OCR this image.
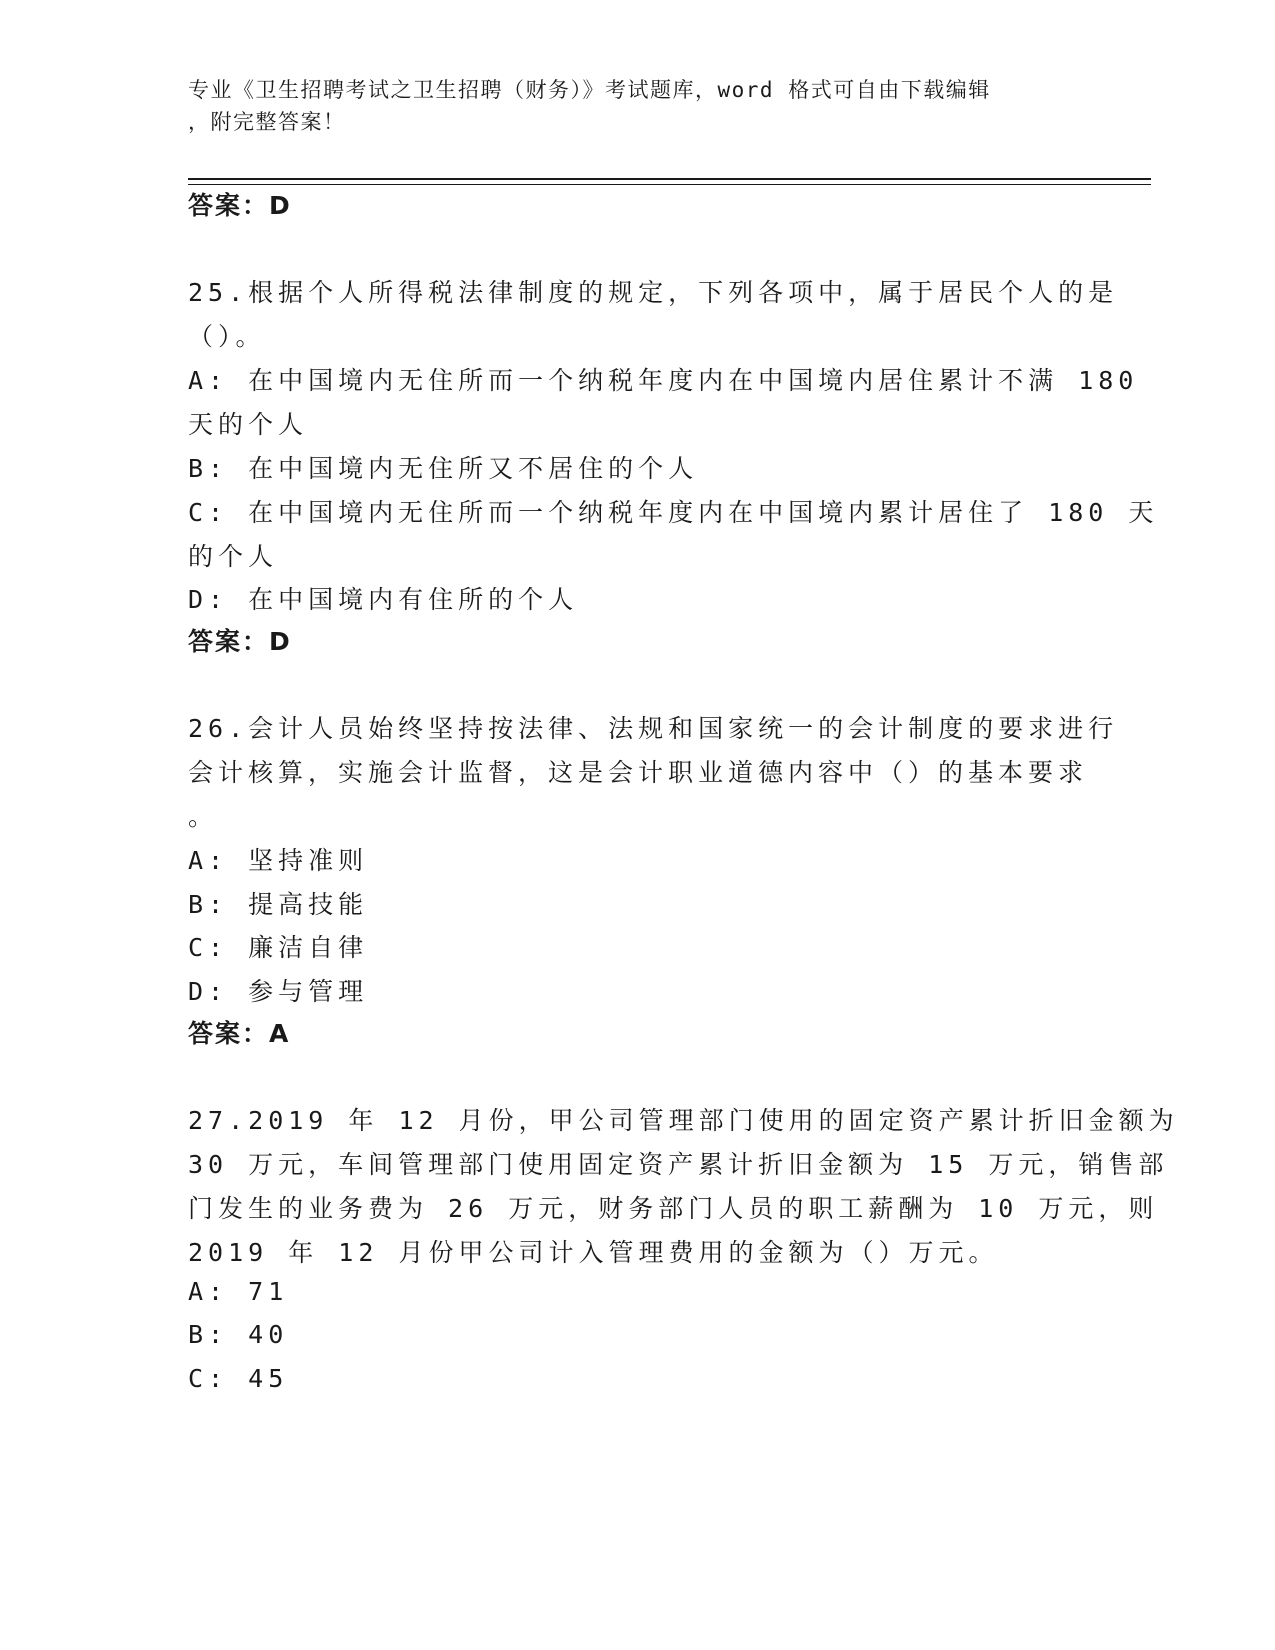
专业《卫生招聘考试之卫生招聘（财务）》考试题库，word 格式可自由下载编辑
，附完整答案！
答案：D
25.根据个人所得税法律制度的规定，下列各项中，属于居民个人的是
（）。
A: 在中国境内无住所而一个纳税年度内在中国境内居住累计不满 180
天的个人
B: 在中国境内无住所又不居住的个人
C: 在中国境内无住所而一个纳税年度内在中国境内累计居住了 180 天
的个人
D: 在中国境内有住所的个人
答案：D
26.会计人员始终坚持按法律、法规和国家统一的会计制度的要求进行
会计核算，实施会计监督，这是会计职业道德内容中（）的基本要求
。
A: 坚持准则
B: 提高技能
C: 廉洁自律
D: 参与管理
答案：A
27.2019 年 12 月份，甲公司管理部门使用的固定资产累计折旧金额为
30 万元，车间管理部门使用固定资产累计折旧金额为 15 万元，销售部
门发生的业务费为 26 万元，财务部门人员的职工薪酬为 10 万元，则
2019 年 12 月份甲公司计入管理费用的金额为（）万元。
A: 71
B: 40
C: 45
